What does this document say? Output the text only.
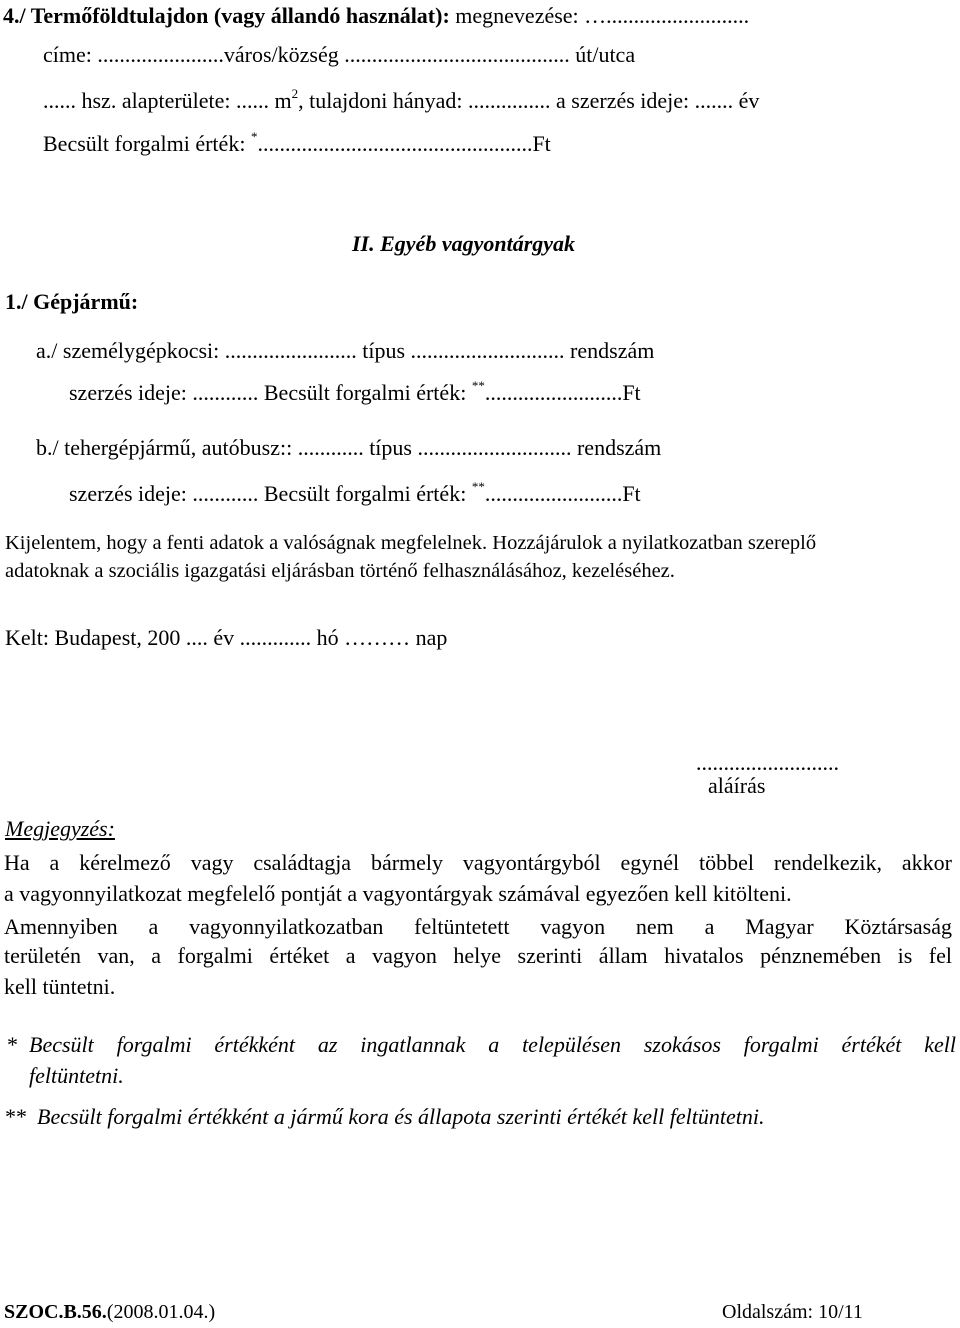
4./ Termőföldtulajdon (vagy állandó használat): megnevezése: …..........................
címe: .......................város/község ......................................... út/utca
...... hsz. alapterülete: ...... $m^2$, tulajdoni hányad: ............... a szerzés ideje: ....... év
Becsült forgalmi érték: *..................................................Ft
II. Egyéb vagyontárgyak
1./ Gépjármű:
a./ személygépkocsi: ........................ típus ............................ rendszám
szerzés ideje: ............ Becsült forgalmi érték: **.........................Ft
b./ tehergépjármű, autóbusz:: ............ típus ............................ rendszám
szerzés ideje: ............ Becsült forgalmi érték: **.........................Ft
Kijelentem, hogy a fenti adatok a valóságnak megfelelnek. Hozzájárulok a nyilatkozatban szereplő
adatoknak a szociális igazgatási eljárásban történő felhasználásához, kezeléséhez.
Kelt: Budapest, 200 .... év ............. hó ……… nap
..........................
aláírás
Megjegyzés:
Ha a kérelmező vagy családtagja bármely vagyontárgyból egynél többel rendelkezik, akkor
a vagyonnyilatkozat megfelelő pontját a vagyontárgyak számával egyezően kell kitölteni.
Amennyiben a vagyonnyilatkozatban feltüntetett vagyon nem a Magyar Köztársaság
területén van, a forgalmi értéket a vagyon helye szerinti állam hivatalos pénznemében is fel
kell tüntetni.
* Becsült forgalmi értékként az ingatlannak a településen szokásos forgalmi értékét kell
feltüntetni.
** Becsült forgalmi értékként a jármű kora és állapota szerinti értékét kell feltüntetni.
SZOC.B.56.(2008.01.04.)	Oldalszám: 10/11
